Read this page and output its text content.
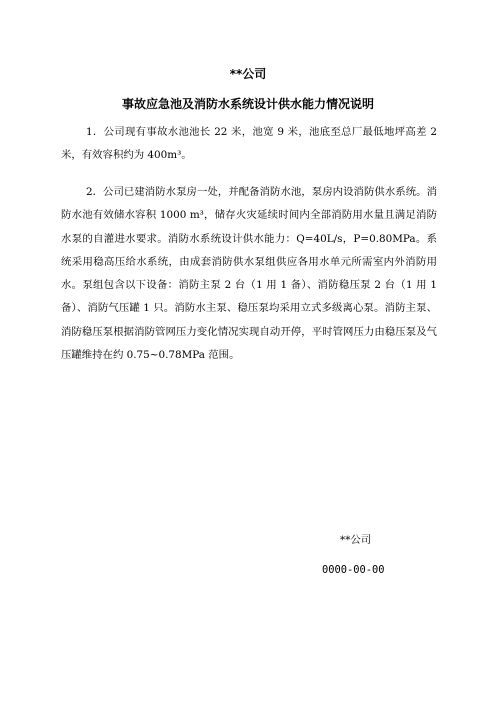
**公司
事故应急池及消防水系统设计供水能力情况说明

1．公司现有事故水池池长 22 米，池宽 9 米，池底至总厂最低地坪高差 2 米，有效容积约为 400m³。

2．公司已建消防水泵房一处，并配备消防水池，泵房内设消防供水系统。消防水池有效储水容积 1000 m³，储存火灾延续时间内全部消防用水量且满足消防水泵的自灌进水要求。消防水系统设计供水能力：Q=40L/s，P=0.80MPa。系统采用稳高压给水系统，由成套消防供水泵组供应各用水单元所需室内外消防用水。泵组包含以下设备：消防主泵 2 台（1 用 1 备）、消防稳压泵 2 台（1 用 1 备）、消防气压罐 1 只。消防水主泵、稳压泵均采用立式多级离心泵。消防主泵、消防稳压泵根据消防管网压力变化情况实现自动开停，平时管网压力由稳压泵及气压罐维持在约 0.75~0.78MPa 范围。

**公司
0000-00-00
